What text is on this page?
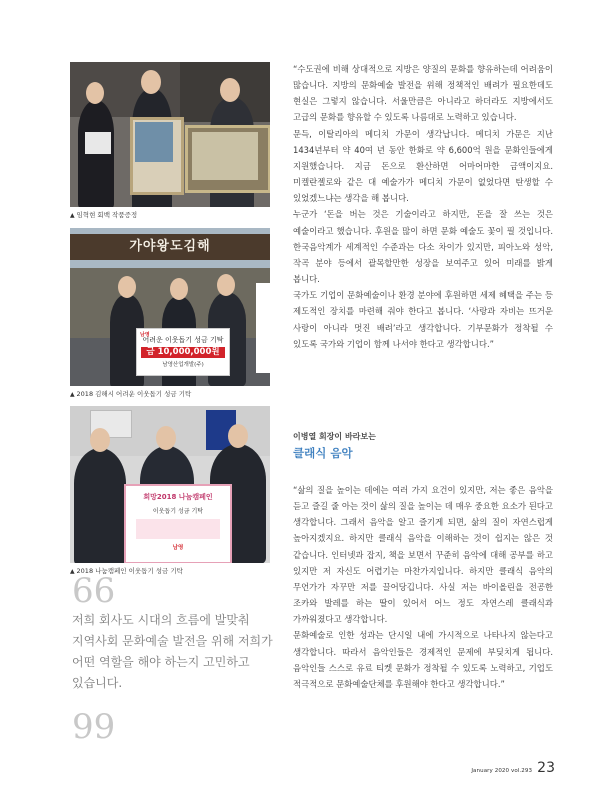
▲ 임혁현 회백 작품증정
가야왕도김해
남영
어려운 이웃돕기 성금 기탁
금 10,000,000원
남영산업개발(주)
▲ 2018 김해시 어려운 이웃돕기 성금 기탁
희망2018 나눔캠페인
이웃돕기 성금 기탁
남영
▲ 2018 나눔캠페인 이웃돕기 성금 기탁
66

저희 회사도 시대의 흐름에 발맞춰 지역사회 문화예술 발전을 위해 저희가 어떤 역할을 해야 하는지 고민하고 있습니다.

99

“수도권에 비해 상대적으로 지방은 양질의 문화를 향유하는데 어려움이 많습니다. 지방의 문화예술 발전을 위해 정책적인 배려가 필요한데도 현실은 그렇지 않습니다. 서울만큼은 아니라고 하더라도 지방에서도 고급의 문화를 향유할 수 있도록 나름대로 노력하고 있습니다.

문득, 이탈리아의 메디치 가문이 생각납니다. 메디치 가문은 지난 1434년부터 약 40여 년 동안 한화로 약 6,600억 원을 문화인들에게 지원했습니다. 지금 돈으로 환산하면 어마어마한 금액이지요. 미켈란젤로와 같은 대 예술가가 메디치 가문이 없었다면 탄생할 수 있었겠느냐는 생각을 해 봅니다.

누군가 ‘돈을 버는 것은 기술이라고 하지만, 돈을 잘 쓰는 것은 예술이라고 했습니다. 후원을 많이 하면 문화 예술도 꽃이 필 것입니다. 한국음악계가 세계적인 수준과는 다소 차이가 있지만, 피아노와 성악, 작곡 분야 등에서 괄목할만한 성장을 보여주고 있어 미래를 밝게 봅니다.

국가도 기업이 문화예술이나 환경 분야에 후원하면 세제 혜택을 주는 등 제도적인 장치를 마련해 줘야 한다고 봅니다. ‘사랑과 자비는 뜨거운 사랑이 아니라 멋진 배려’라고 생각합니다. 기부문화가 정착될 수 있도록 국가와 기업이 함께 나서야 한다고 생각합니다.”

이병열 회장이 바라보는
클래식 음악

“삶의 질을 높이는 데에는 여러 가지 요건이 있지만, 저는 좋은 음악을 듣고 즐길 줄 아는 것이 삶의 질을 높이는 데 매우 중요한 요소가 된다고 생각합니다. 그래서 음악을 알고 즐기게 되면, 삶의 질이 자연스럽게 높아지겠지요. 하지만 클래식 음악을 이해하는 것이 쉽지는 않은 것 같습니다. 인터넷과 잡지, 책을 보면서 꾸준히 음악에 대해 공부를 하고 있지만 저 자신도 어렵기는 마찬가지입니다. 하지만 클래식 음악의 무언가가 자꾸만 저를 끌어당깁니다. 사실 저는 바이올린을 전공한 조카와 발레를 하는 딸이 있어서 어느 정도 자연스레 클래식과 가까워졌다고 생각합니다.

문화예술로 인한 성과는 단시일 내에 가시적으로 나타나지 않는다고 생각합니다. 따라서 음악인들은 경제적인 문제에 부딪치게 됩니다. 음악인들 스스로 유료 티켓 문화가 정착될 수 있도록 노력하고, 기업도 적극적으로 문화예술단체를 후원해야 한다고 생각합니다.”

January 2020 vol.293 23
